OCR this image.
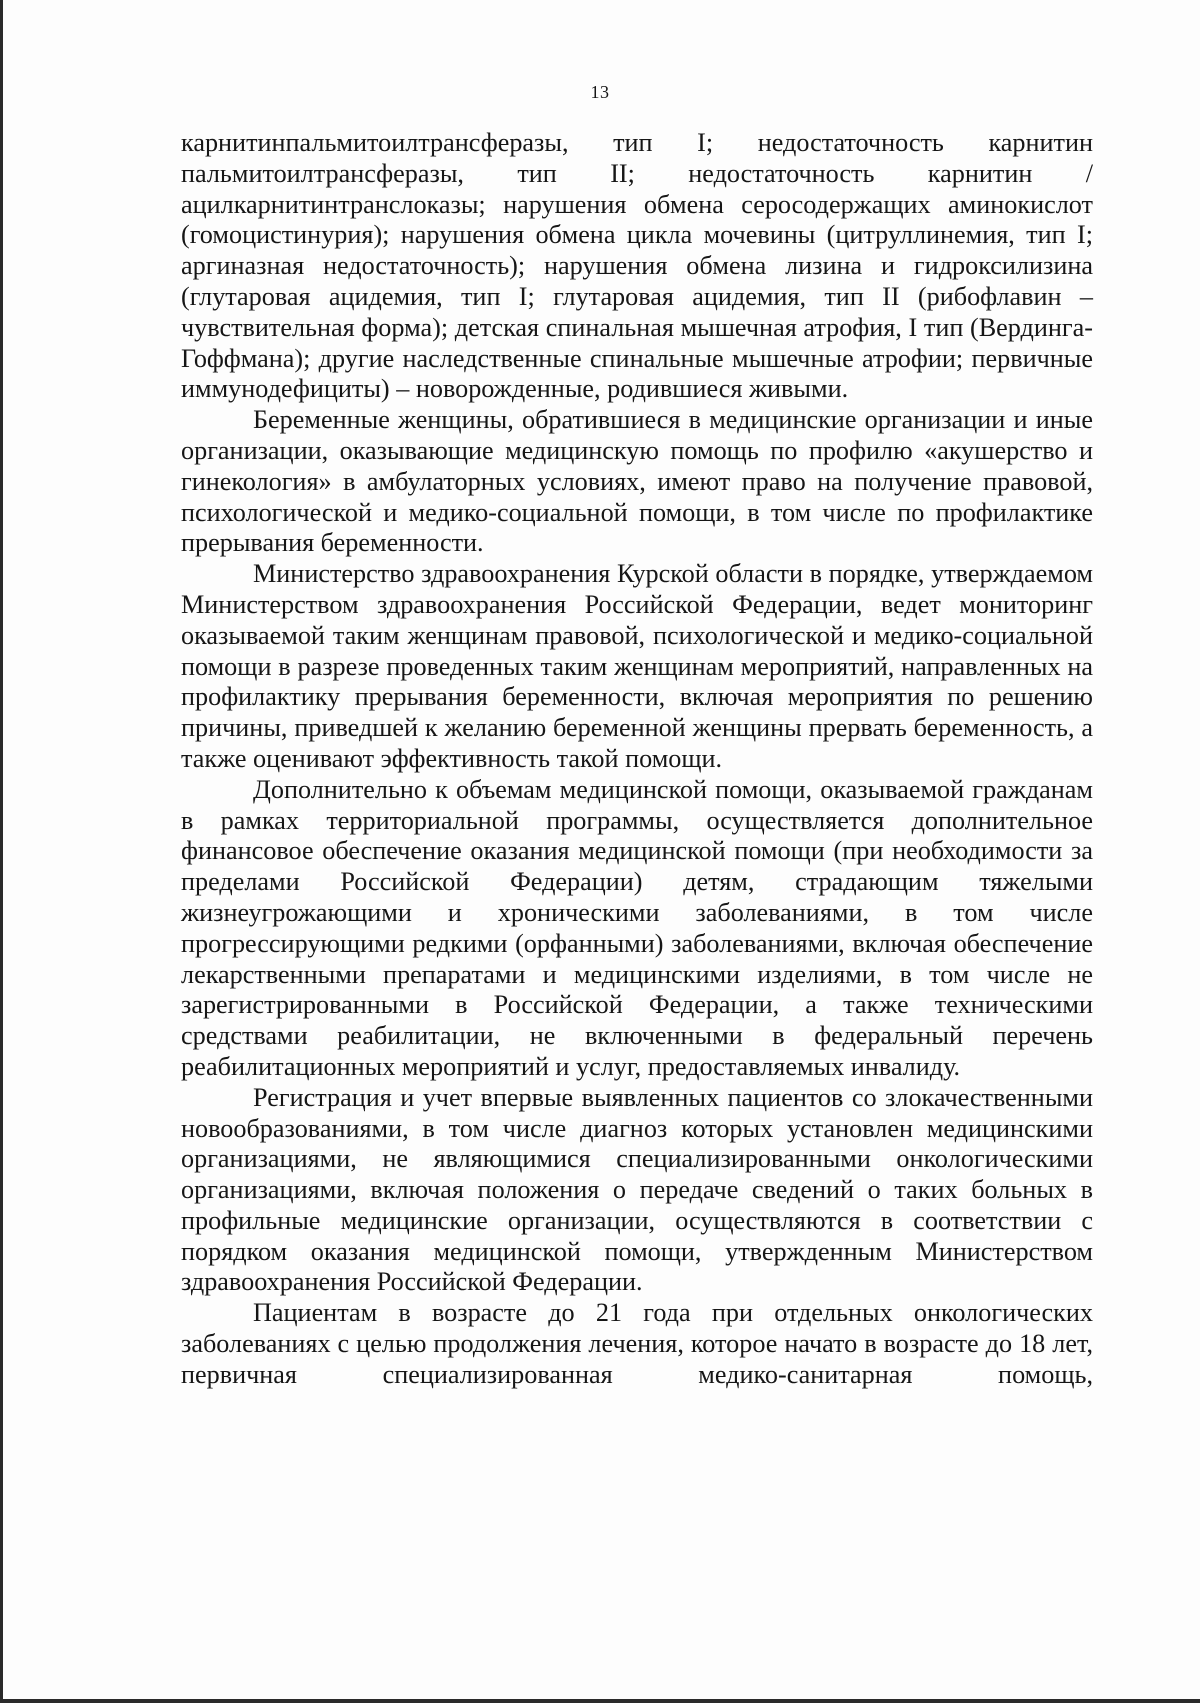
13

карнитинпальмитоилтрансферазы, тип I; недостаточность карнитин пальмитоилтрансферазы, тип II; недостаточность карнитин / ацилкарнитинтранслоказы; нарушения обмена серосодержащих аминокислот (гомоцистинурия); нарушения обмена цикла мочевины (цитруллинемия, тип I; аргиназная недостаточность); нарушения обмена лизина и гидроксилизина (глутаровая ацидемия, тип I; глутаровая ацидемия, тип II (рибофлавин – чувствительная форма); детская спинальная мышечная атрофия, I тип (Вердинга-Гоффмана); другие наследственные спинальные мышечные атрофии; первичные иммунодефициты) – новорожденные, родившиеся живыми.

Беременные женщины, обратившиеся в медицинские организации и иные организации, оказывающие медицинскую помощь по профилю «акушерство и гинекология» в амбулаторных условиях, имеют право на получение правовой, психологической и медико-социальной помощи, в том числе по профилактике прерывания беременности.

Министерство здравоохранения Курской области в порядке, утверждаемом Министерством здравоохранения Российской Федерации, ведет мониторинг оказываемой таким женщинам правовой, психологической и медико-социальной помощи в разрезе проведенных таким женщинам мероприятий, направленных на профилактику прерывания беременности, включая мероприятия по решению причины, приведшей к желанию беременной женщины прервать беременность, а также оценивают эффективность такой помощи.

Дополнительно к объемам медицинской помощи, оказываемой гражданам в рамках территориальной программы, осуществляется дополнительное финансовое обеспечение оказания медицинской помощи (при необходимости за пределами Российской Федерации) детям, страдающим тяжелыми жизнеугрожающими и хроническими заболеваниями, в том числе прогрессирующими редкими (орфанными) заболеваниями, включая обеспечение лекарственными препаратами и медицинскими изделиями, в том числе не зарегистрированными в Российской Федерации, а также техническими средствами реабилитации, не включенными в федеральный перечень реабилитационных мероприятий и услуг, предоставляемых инвалиду.

Регистрация и учет впервые выявленных пациентов со злокачественными новообразованиями, в том числе диагноз которых установлен медицинскими организациями, не являющимися специализированными онкологическими организациями, включая положения о передаче сведений о таких больных в профильные медицинские организации, осуществляются в соответствии с порядком оказания медицинской помощи, утвержденным Министерством здравоохранения Российской Федерации.

Пациентам в возрасте до 21 года при отдельных онкологических заболеваниях с целью продолжения лечения, которое начато в возрасте до 18 лет, первичная специализированная медико-санитарная помощь,
